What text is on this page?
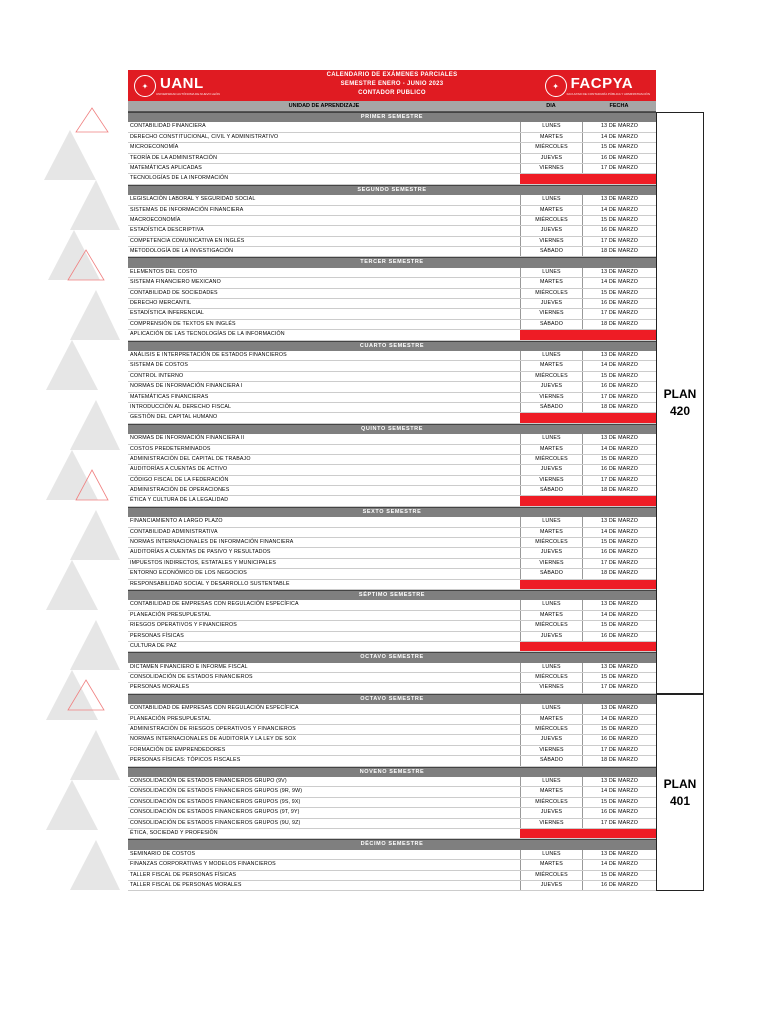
✦ UANL
UNIVERSIDAD AUTÓNOMA DE NUEVO LEÓN
CALENDARIO DE EXÁMENES PARCIALES
SEMESTRE ENERO - JUNIO 2023
CONTADOR PUBLICO
✦ FACPYA
FACULTAD DE CONTADURÍA PÚBLICA Y ADMINISTRACIÓN
UNIDAD DE APRENDIZAJE	DIA	FECHA
PRIMER SEMESTRE
CONTABILIDAD FINANCIERA	LUNES	13 DE MARZO
DERECHO CONSTITUCIONAL, CIVIL Y ADMINISTRATIVO	MARTES	14 DE MARZO
MICROECONOMÍA	MIÉRCOLES	15 DE MARZO
TEORÍA DE LA ADMINISTRACIÓN	JUEVES	16 DE MARZO
MATEMÁTICAS APLICADAS	VIERNES	17 DE MARZO
TECNOLOGÍAS DE LA INFORMACIÓN
SEGUNDO SEMESTRE
LEGISLACIÓN LABORAL Y SEGURIDAD SOCIAL	LUNES	13 DE MARZO
SISTEMAS DE INFORMACIÓN FINANCIERA	MARTES	14 DE MARZO
MACROECONOMÍA	MIÉRCOLES	15 DE MARZO
ESTADÍSTICA DESCRIPTIVA	JUEVES	16 DE MARZO
COMPETENCIA COMUNICATIVA EN INGLÉS	VIERNES	17 DE MARZO
METODOLOGÍA DE LA INVESTIGACIÓN	SÁBADO	18 DE MARZO
TERCER SEMESTRE
ELEMENTOS DEL COSTO	LUNES	13 DE MARZO
SISTEMA FINANCIERO MEXICANO	MARTES	14 DE MARZO
CONTABILIDAD DE SOCIEDADES	MIÉRCOLES	15 DE MARZO
DERECHO MERCANTIL	JUEVES	16 DE MARZO
ESTADÍSTICA INFERENCIAL	VIERNES	17 DE MARZO
COMPRENSIÓN DE TEXTOS EN INGLÉS	SÁBADO	18 DE MARZO
APLICACIÓN DE LAS TECNOLOGÍAS DE LA INFORMACIÓN
CUARTO SEMESTRE
ANÁLISIS E INTERPRETACIÓN DE ESTADOS FINANCIEROS	LUNES	13 DE MARZO
SISTEMA DE COSTOS	MARTES	14 DE MARZO
CONTROL INTERNO	MIÉRCOLES	15 DE MARZO
NORMAS DE INFORMACIÓN FINANCIERA I	JUEVES	16 DE MARZO
MATEMÁTICAS FINANCIERAS	VIERNES	17 DE MARZO
INTRODUCCIÓN AL DERECHO FISCAL	SÁBADO	18 DE MARZO
GESTIÓN DEL CAPITAL HUMANO
QUINTO SEMESTRE
NORMAS DE INFORMACIÓN FINANCIERA II	LUNES	13 DE MARZO
COSTOS PREDETERMINADOS	MARTES	14 DE MARZO
ADMINISTRACIÓN DEL CAPITAL DE TRABAJO	MIÉRCOLES	15 DE MARZO
AUDITORÍAS A CUENTAS DE ACTIVO	JUEVES	16 DE MARZO
CÓDIGO FISCAL DE LA FEDERACIÓN	VIERNES	17 DE MARZO
ADMINISTRACIÓN DE OPERACIONES	SÁBADO	18 DE MARZO
ÉTICA Y CULTURA DE LA LEGALIDAD
SEXTO SEMESTRE
FINANCIAMIENTO A LARGO PLAZO	LUNES	13 DE MARZO
CONTABILIDAD ADMINISTRATIVA	MARTES	14 DE MARZO
NORMAS INTERNACIONALES DE INFORMACIÓN FINANCIERA	MIÉRCOLES	15 DE MARZO
AUDITORÍAS A CUENTAS DE PASIVO Y RESULTADOS	JUEVES	16 DE MARZO
IMPUESTOS INDIRECTOS, ESTATALES Y MUNICIPALES	VIERNES	17 DE MARZO
ENTORNO ECONÓMICO DE LOS NEGOCIOS	SÁBADO	18 DE MARZO
RESPONSABILIDAD SOCIAL Y DESARROLLO SUSTENTABLE
SÉPTIMO SEMESTRE
CONTABILIDAD DE EMPRESAS CON REGULACIÓN ESPECÍFICA	LUNES	13 DE MARZO
PLANEACIÓN PRESUPUESTAL	MARTES	14 DE MARZO
RIESGOS OPERATIVOS Y FINANCIEROS	MIÉRCOLES	15 DE MARZO
PERSONAS FÍSICAS	JUEVES	16 DE MARZO
CULTURA DE PAZ
OCTAVO SEMESTRE
DICTAMEN FINANCIERO E INFORME FISCAL	LUNES	13 DE MARZO
CONSOLIDACIÓN DE ESTADOS FINANCIEROS	MIÉRCOLES	15 DE MARZO
PERSONAS MORALES	VIERNES	17 DE MARZO
OCTAVO SEMESTRE
CONTABILIDAD DE EMPRESAS CON REGULACIÓN ESPECÍFICA	LUNES	13 DE MARZO
PLANEACIÓN PRESUPUESTAL	MARTES	14 DE MARZO
ADMINISTRACIÓN DE RIESGOS OPERATIVOS Y FINANCIEROS	MIÉRCOLES	15 DE MARZO
NORMAS INTERNACIONALES DE AUDITORÍA Y LA LEY DE SOX	JUEVES	16 DE MARZO
FORMACIÓN DE EMPRENDEDORES	VIERNES	17 DE MARZO
PERSONAS FÍSICAS: TÓPICOS FISCALES	SÁBADO	18 DE MARZO
NOVENO SEMESTRE
CONSOLIDACIÓN DE ESTADOS FINANCIEROS GRUPO (9V)	LUNES	13 DE MARZO
CONSOLIDACIÓN DE ESTADOS FINANCIEROS GRUPOS (9R, 9W)	MARTES	14 DE MARZO
CONSOLIDACIÓN DE ESTADOS FINANCIEROS GRUPOS (9S, 9X)	MIÉRCOLES	15 DE MARZO
CONSOLIDACIÓN DE ESTADOS FINANCIEROS GRUPOS (9T, 9Y)	JUEVES	16 DE MARZO
CONSOLIDACIÓN DE ESTADOS FINANCIEROS GRUPOS (9U, 9Z)	VIERNES	17 DE MARZO
ÉTICA, SOCIEDAD Y PROFESIÓN
DÉCIMO SEMESTRE
SEMINARIO DE COSTOS	LUNES	13 DE MARZO
FINANZAS CORPORATIVAS Y MODELOS FINANCIEROS	MARTES	14 DE MARZO
TALLER FISCAL DE PERSONAS FÍSICAS	MIÉRCOLES	15 DE MARZO
TALLER FISCAL DE PERSONAS MORALES	JUEVES	16 DE MARZO
PLAN
420
PLAN
401
